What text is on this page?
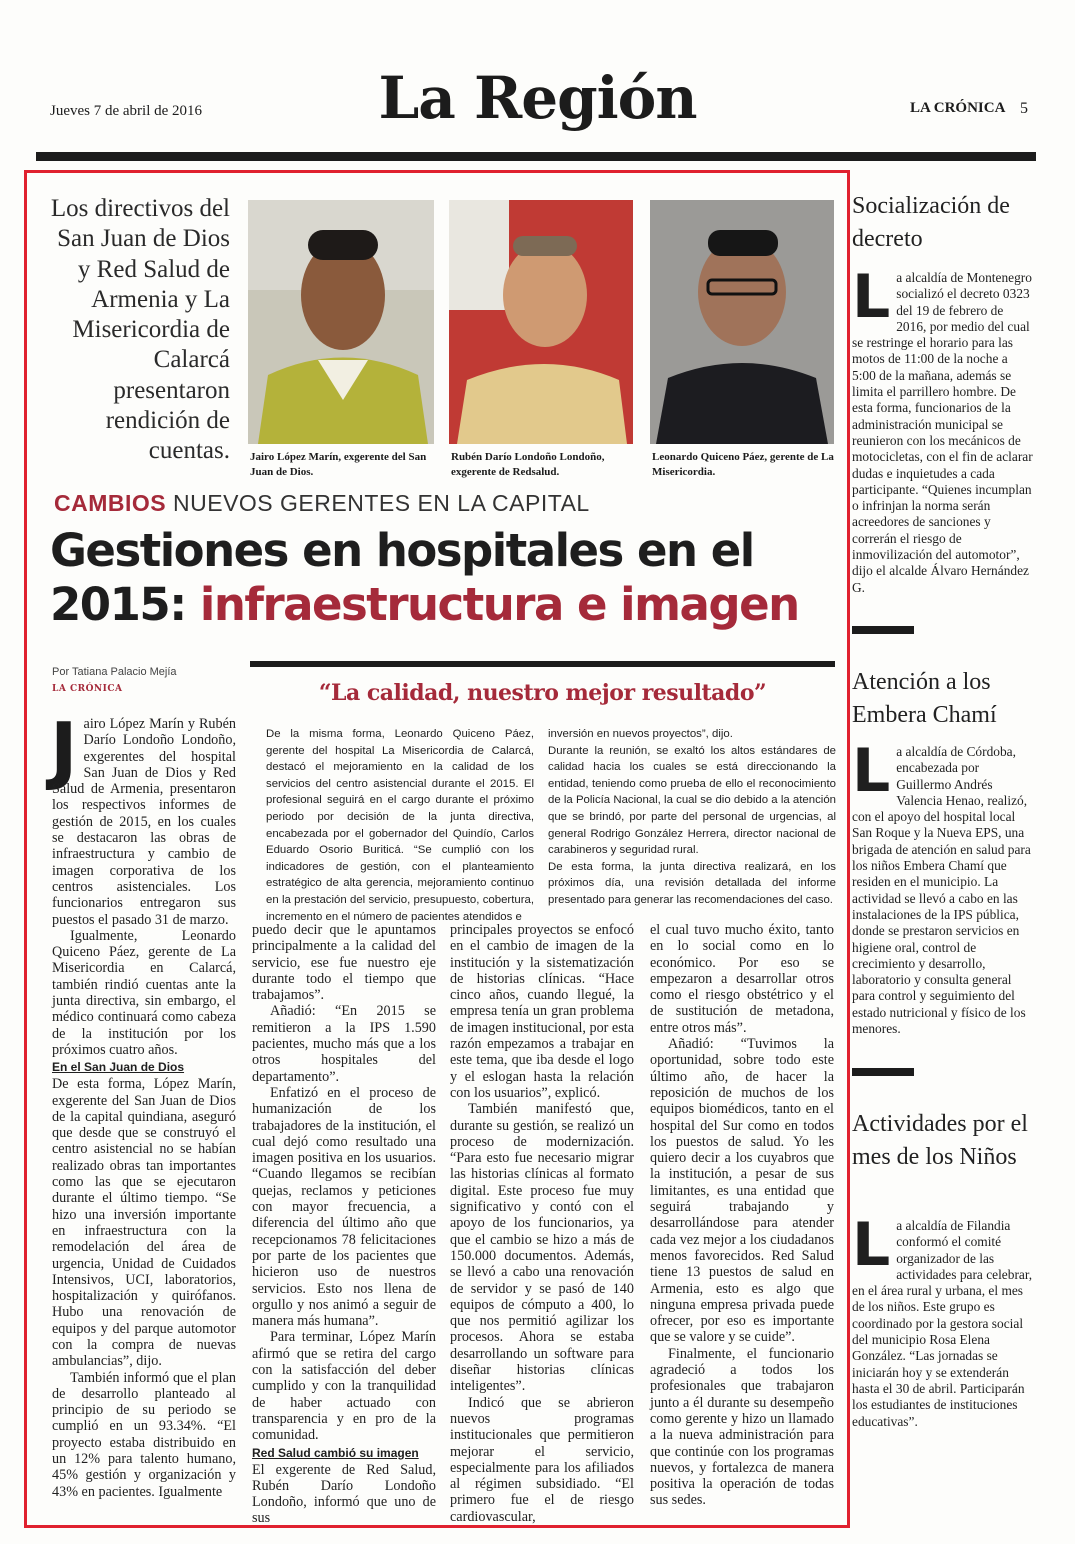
Jueves 7 de abril de 2016	La Región	LA CRÓNICA 5
Los directivos del San Juan de Dios y Red Salud de Armenia y La Misericordia de Calarcá presentaron rendición de cuentas. Jairo López Marín, exgerente del San Juan de Dios.
Rubén Darío Londoño Londoño, exgerente de Redsalud.
Leonardo Quiceno Páez, gerente de La Misericordia.
CAMBIOS NUEVOS GERENTES EN LA CAPITAL
Gestiones en hospitales en el
2015: infraestructura e imagen
Por Tatiana Palacio Mejía
LA CRÓNICA	“La calidad, nuestro mejor resultado”

Jairo López Marín y Rubén Darío Londoño Londoño, exgerentes del hospital San Juan de Dios y Red Salud de Armenia, presentaron los respectivos informes de gestión de 2015, en los cuales se destacaron las obras de infraestructura y cambio de imagen corporativa de los centros asistenciales. Los funcionarios entregaron sus puestos el pasado 31 de marzo.

Igualmente, Leonardo Quiceno Páez, gerente de La Misericordia en Calarcá, también rindió cuentas ante la junta directiva, sin embargo, el médico continuará como cabeza de la institución por los próximos cuatro años.

En el San Juan de Dios

De esta forma, López Marín, exgerente del San Juan de Dios de la capital quindiana, aseguró que desde que se construyó el centro asistencial no se habían realizado obras tan importantes como las que se ejecutaron durante el último tiempo. “Se hizo una inversión importante en infraestructura con la remodelación del área de urgencia, Unidad de Cuidados Intensivos, UCI, laboratorios, hospitalización y quirófanos. Hubo una renovación de equipos y del parque automotor con la compra de nuevas ambulancias”, dijo.

También informó que el plan de desarrollo planteado al principio de su periodo se cumplió en un 93.34%. “El proyecto estaba distribuido en un 12% para talento humano, 45% gestión y organización y 43% en pacientes. Igualmente

De la misma forma, Leonardo Quiceno Páez, gerente del hospital La Misericordia de Calarcá, destacó el mejoramiento en la calidad de los servicios del centro asistencial durante el 2015. El profesional seguirá en el cargo durante el próximo periodo por decisión de la junta directiva, encabezada por el gobernador del Quindío, Carlos Eduardo Osorio Buriticá. “Se cumplió con los indicadores de gestión, con el planteamiento estratégico de alta gerencia, mejoramiento continuo en la prestación del servicio, presupuesto, cobertura, incremento en el número de pacientes atendidos e

inversión en nuevos proyectos”, dijo.

Durante la reunión, se exaltó los altos estándares de calidad hacia los cuales se está direccionando la entidad, teniendo como prueba de ello el reconocimiento de la Policía Nacional, la cual se dio debido a la atención que se brindó, por parte del personal de urgencias, al general Rodrigo González Herrera, director nacional de carabineros y seguridad rural.

De esta forma, la junta directiva realizará, en los próximos día, una revisión detallada del informe presentado para generar las recomendaciones del caso.

puedo decir que le apuntamos principalmente a la calidad del servicio, ese fue nuestro eje durante todo el tiempo que trabajamos”.

Añadió: “En 2015 se remitieron a la IPS 1.590 pacientes, mucho más que a los otros hospitales del departamento”.

Enfatizó en el proceso de humanización de los trabajadores de la institución, el cual dejó como resultado una imagen positiva en los usuarios. “Cuando llegamos se recibían quejas, reclamos y peticiones con mayor frecuencia, a diferencia del último año que recepcionamos 78 felicitaciones por parte de los pacientes que hicieron uso de nuestros servicios. Esto nos llena de orgullo y nos animó a seguir de manera más humana”.

Para terminar, López Marín afirmó que se retira del cargo con la satisfacción del deber cumplido y con la tranquilidad de haber actuado con transparencia y en pro de la comunidad.

Red Salud cambió su imagen

El exgerente de Red Salud, Rubén Darío Londoño Londoño, informó que uno de sus

principales proyectos se enfocó en el cambio de imagen de la institución y la sistematización de historias clínicas. “Hace cinco años, cuando llegué, la empresa tenía un gran problema de imagen institucional, por esta razón empezamos a trabajar en este tema, que iba desde el logo y el eslogan hasta la relación con los usuarios”, explicó.

También manifestó que, durante su gestión, se realizó un proceso de modernización. “Para esto fue necesario migrar las historias clínicas al formato digital. Este proceso fue muy significativo y contó con el apoyo de los funcionarios, ya que el cambio se hizo a más de 150.000 documentos. Además, se llevó a cabo una renovación de servidor y se pasó de 140 equipos de cómputo a 400, lo que nos permitió agilizar los procesos. Ahora se estaba desarrollando un software para diseñar historias clínicas inteligentes”.

Indicó que se abrieron nuevos programas institucionales que permitieron mejorar el servicio, especialmente para los afiliados al régimen subsidiado. “El primero fue el de riesgo cardiovascular,

el cual tuvo mucho éxito, tanto en lo social como en lo económico. Por eso se empezaron a desarrollar otros como el riesgo obstétrico y el de sustitución de metadona, entre otros más”.

Añadió: “Tuvimos la oportunidad, sobre todo este último año, de hacer la reposición de muchos de los equipos biomédicos, tanto en el hospital del Sur como en todos los puestos de salud. Yo les quiero decir a los cuyabros que la institución, a pesar de sus limitantes, es una entidad que seguirá trabajando y desarrollándose para atender cada vez mejor a los ciudadanos menos favorecidos. Red Salud tiene 13 puestos de salud en Armenia, esto es algo que ninguna empresa privada puede ofrecer, por eso es importante que se valore y se cuide”.

Finalmente, el funcionario agradeció a todos los profesionales que trabajaron junto a él durante su desempeño como gerente y hizo un llamado a la nueva administración para que continúe con los programas nuevos, y fortalezca de manera positiva la operación de todas sus sedes.

Socialización de decreto
La alcaldía de Montenegro socializó el decreto 0323 del 19 de febrero de 2016, por medio del cual se restringe el horario para las motos de 11:00 de la noche a 5:00 de la mañana, además se limita el parrillero hombre. De esta forma, funcionarios de la administración municipal se reunieron con los mecánicos de motocicletas, con el fin de aclarar dudas e inquietudes a cada participante. “Quienes incumplan o infrinjan la norma serán acreedores de sanciones y correrán el riesgo de inmovilización del automotor”, dijo el alcalde Álvaro Hernández G.
Atención a los Embera Chamí
La alcaldía de Córdoba, encabezada por Guillermo Andrés Valencia Henao, realizó, con el apoyo del hospital local San Roque y la Nueva EPS, una brigada de atención en salud para los niños Embera Chamí que residen en el municipio. La actividad se llevó a cabo en las instalaciones de la IPS pública, donde se prestaron servicios en higiene oral, control de crecimiento y desarrollo, laboratorio y consulta general para control y seguimiento del estado nutricional y físico de los menores.
Actividades por el mes de los Niños
La alcaldía de Filandia conformó el comité organizador de las actividades para celebrar, en el área rural y urbana, el mes de los niños. Este grupo es coordinado por la gestora social del municipio Rosa Elena González. “Las jornadas se iniciarán hoy y se extenderán hasta el 30 de abril. Participarán los estudiantes de instituciones educativas”.
